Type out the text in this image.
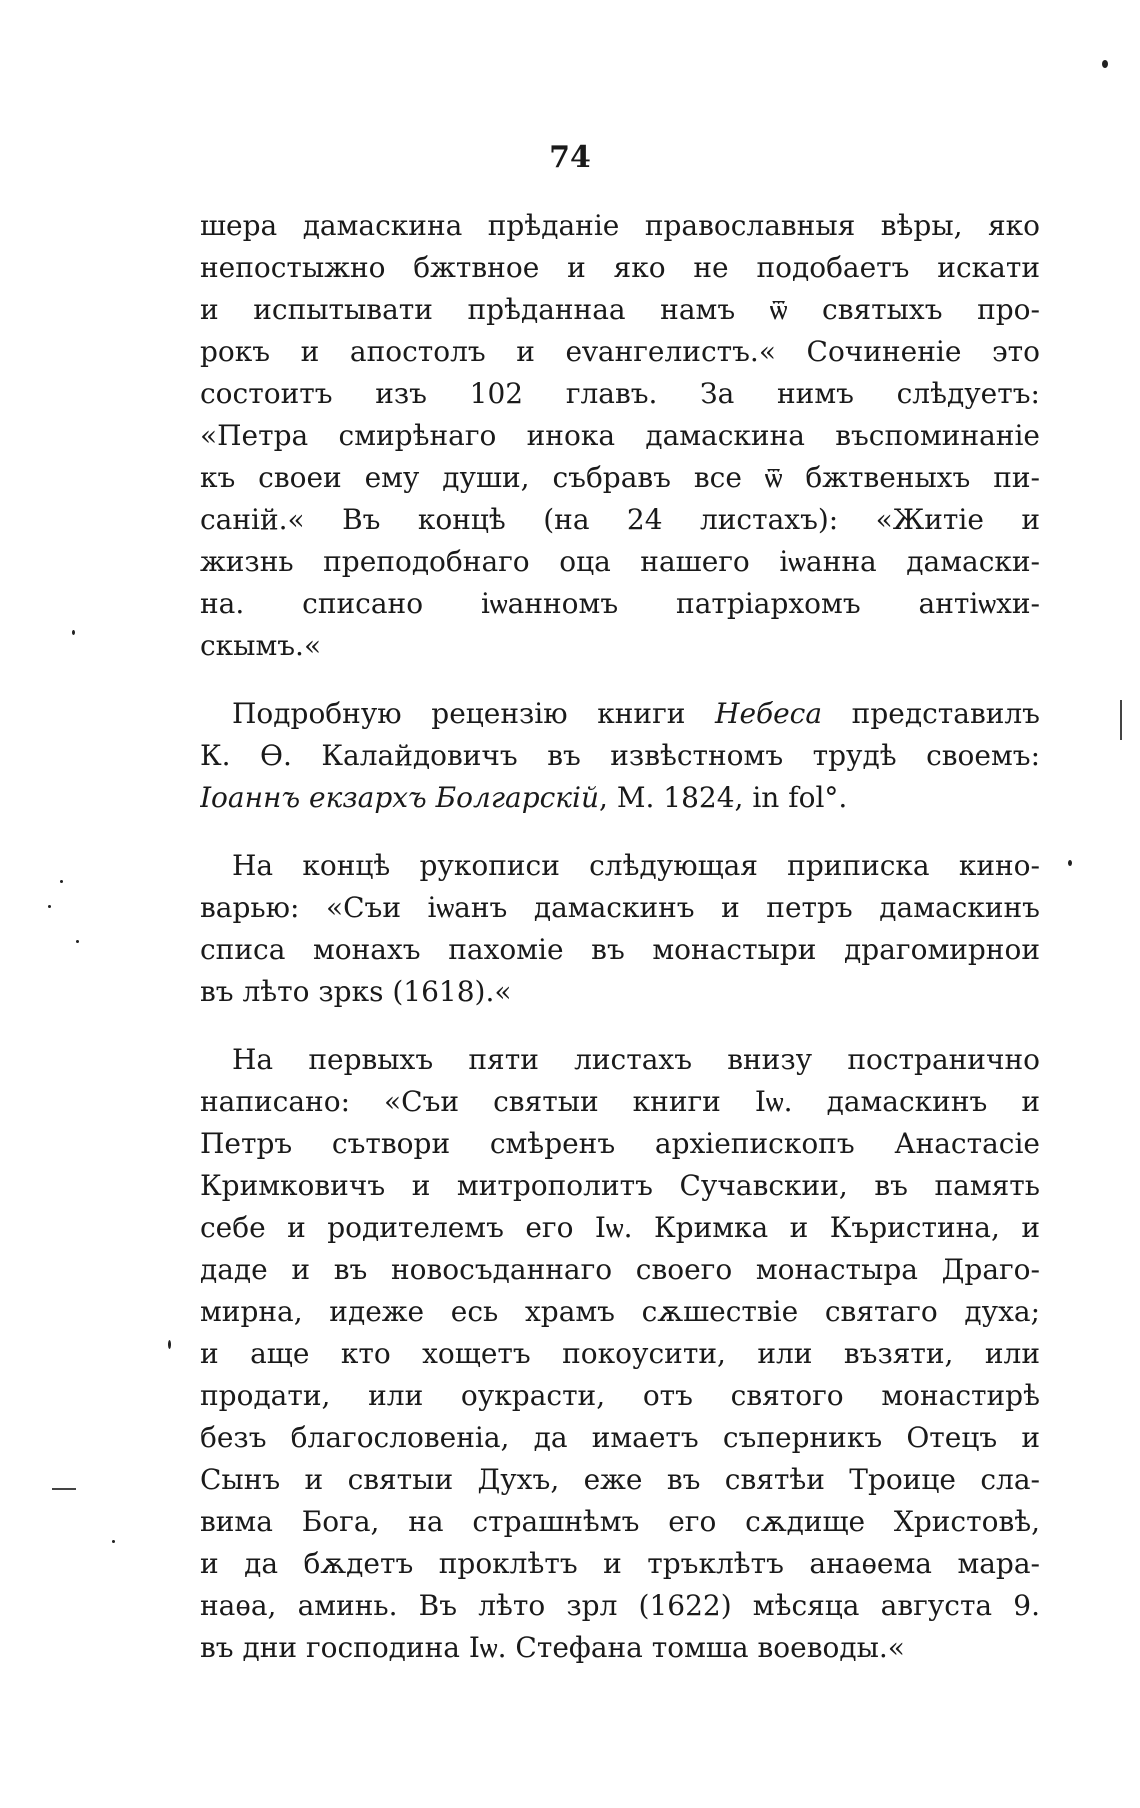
74
шера дамаскина прѣданіе православныя вѣры, яко
непостыжно бжтвное и яко не подобаетъ искати
и испытывати прѣданнаа намъ ѿ святыхъ про-
рокъ и апостолъ и еvангелистъ.« Сочиненіе это
состоитъ изъ 102 главъ. За нимъ слѣдуетъ:
«Петра смирѣнаго инока дамаскина въспоминаніе
къ своеи ему души, събравъ все ѿ бжтвеныхъ пи-
саній.« Въ концѣ (на 24 листахъ): «Житіе и
жизнь преподобнаго оца нашего іѡанна дамаски-
на. списано іѡанномъ патріархомъ антіѡхи-
скымъ.«
Подробную рецензію книги Небеса представилъ
К. Ѳ. Калайдовичъ въ извѣстномъ трудѣ своемъ:
Іоаннъ екзархъ Болгарскій, М. 1824, in fol°.
На концѣ рукописи слѣдующая приписка кино-
варью: «Съи іѡанъ дамаскинъ и петръ дамаскинъ
списа монахъ пахоміе въ монастыри драгомирнои
въ лѣто зркѕ (1618).«
На первыхъ пяти листахъ внизу постранично
написано: «Съи святыи книги Іѡ. дамаскинъ и
Петръ сътвори смѣренъ архіепископъ Анастасіе
Кримковичъ и митрополитъ Сучавскии, въ память
себе и родителемъ его Іѡ. Кримка и Къристина, и
даде и въ новосъданнаго своего монастыра Драго-
мирна, идеже есь храмъ сѫшествіе святаго духа;
и аще кто хощетъ покоусити, или възяти, или
продати, или оукрасти, отъ святого монастирѣ
безъ благословеніа, да имаетъ съперникъ Отецъ и
Сынъ и святыи Духъ, еже въ святѣи Троице сла-
вима Бога, на страшнѣмъ его сѫдище Христовѣ,
и да бѫдетъ проклѣтъ и тръклѣтъ анаѳема мара-
наѳа, аминь. Въ лѣто зрл (1622) мѣсяца августа 9.
въ дни господина Іѡ. Стефана томша воеводы.«
